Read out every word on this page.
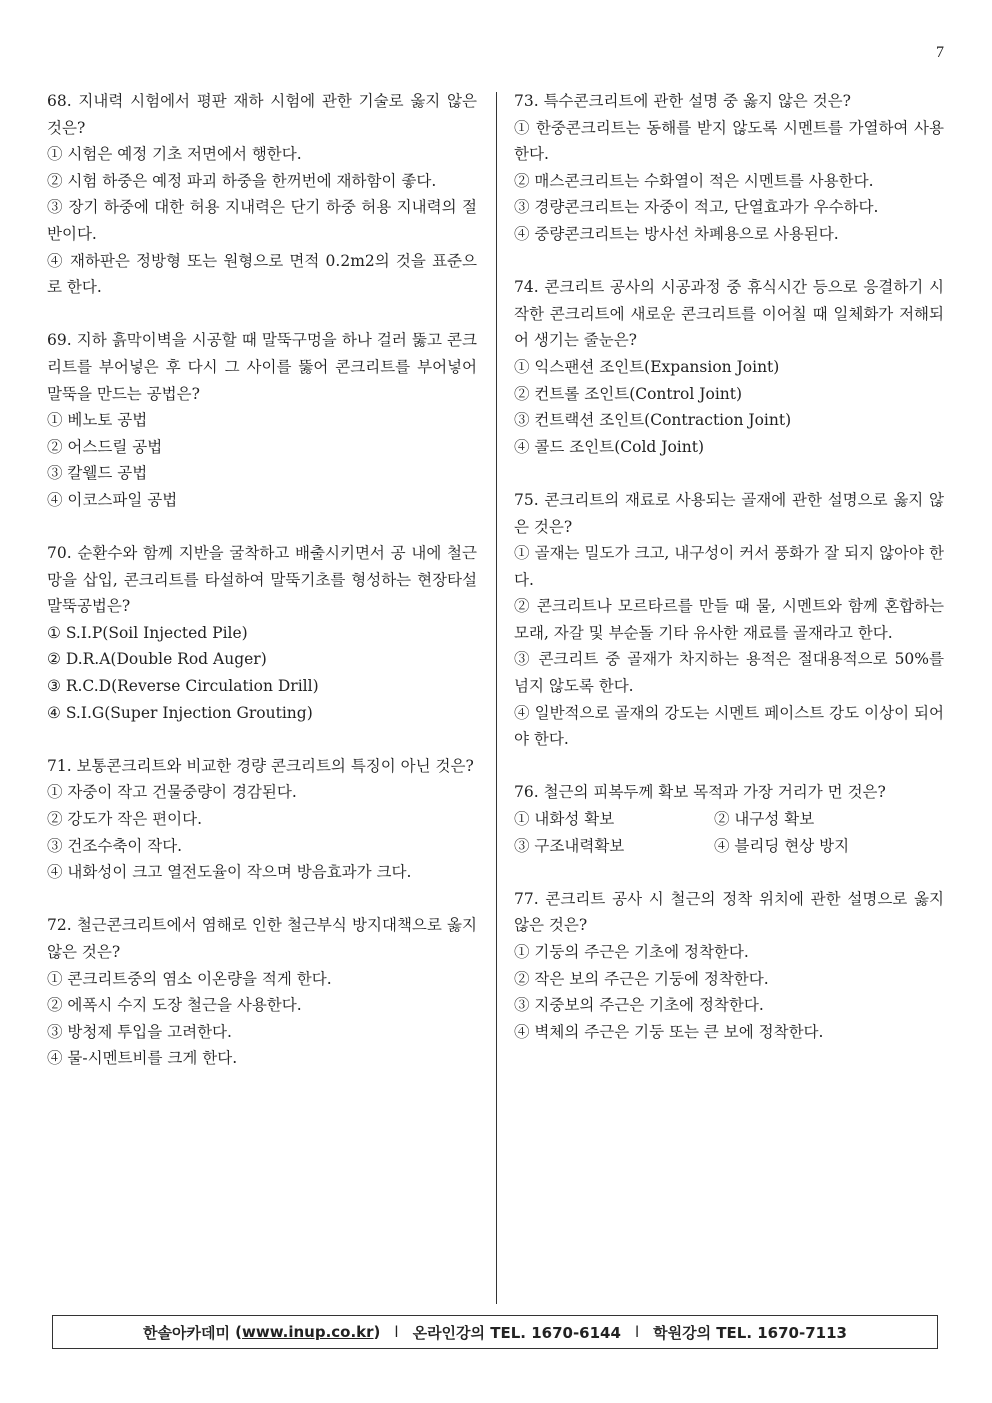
7

68. 지내력 시험에서 평판 재하 시험에 관한 기술로 옳지 않은 것은?

① 시험은 예정 기초 저면에서 행한다.

② 시험 하중은 예정 파괴 하중을 한꺼번에 재하함이 좋다.

③ 장기 하중에 대한 허용 지내력은 단기 하중 허용 지내력의 절반이다.

④ 재하판은 정방형 또는 원형으로 면적 0.2m2의 것을 표준으로 한다.

69. 지하 흙막이벽을 시공할 때 말뚝구멍을 하나 걸러 뚫고 콘크리트를 부어넣은 후 다시 그 사이를 뚫어 콘크리트를 부어넣어 말뚝을 만드는 공법은?

① 베노토 공법

② 어스드릴 공법

③ 칼웰드 공법

④ 이코스파일 공법

70. 순환수와 함께 지반을 굴착하고 배출시키면서 공 내에 철근망을 삽입, 콘크리트를 타설하여 말뚝기초를 형성하는 현장타설 말뚝공법은?

① S.I.P(Soil Injected Pile)

② D.R.A(Double Rod Auger)

③ R.C.D(Reverse Circulation Drill)

④ S.I.G(Super Injection Grouting)

71. 보통콘크리트와 비교한 경량 콘크리트의 특징이 아닌 것은?

① 자중이 작고 건물중량이 경감된다.

② 강도가 작은 편이다.

③ 건조수축이 작다.

④ 내화성이 크고 열전도율이 작으며 방음효과가 크다.

72. 철근콘크리트에서 염해로 인한 철근부식 방지대책으로 옳지 않은 것은?

① 콘크리트중의 염소 이온량을 적게 한다.

② 에폭시 수지 도장 철근을 사용한다.

③ 방청제 투입을 고려한다.

④ 물-시멘트비를 크게 한다.

73. 특수콘크리트에 관한 설명 중 옳지 않은 것은?

① 한중콘크리트는 동해를 받지 않도록 시멘트를 가열하여 사용한다.

② 매스콘크리트는 수화열이 적은 시멘트를 사용한다.

③ 경량콘크리트는 자중이 적고, 단열효과가 우수하다.

④ 중량콘크리트는 방사선 차폐용으로 사용된다.

74. 콘크리트 공사의 시공과정 중 휴식시간 등으로 응결하기 시작한 콘크리트에 새로운 콘크리트를 이어칠 때 일체화가 저해되어 생기는 줄눈은?

① 익스팬션 조인트(Expansion Joint)

② 컨트롤 조인트(Control Joint)

③ 컨트랙션 조인트(Contraction Joint)

④ 콜드 조인트(Cold Joint)

75. 콘크리트의 재료로 사용되는 골재에 관한 설명으로 옳지 않은 것은?

① 골재는 밀도가 크고, 내구성이 커서 풍화가 잘 되지 않아야 한다.

② 콘크리트나 모르타르를 만들 때 물, 시멘트와 함께 혼합하는 모래, 자갈 및 부순돌 기타 유사한 재료를 골재라고 한다.

③ 콘크리트 중 골재가 차지하는 용적은 절대용적으로 50%를 넘지 않도록 한다.

④ 일반적으로 골재의 강도는 시멘트 페이스트 강도 이상이 되어야 한다.

76. 철근의 피복두께 확보 목적과 가장 거리가 먼 것은?

① 내화성 확보	② 내구성 확보

③ 구조내력확보	④ 블리딩 현상 방지

77. 콘크리트 공사 시 철근의 정착 위치에 관한 설명으로 옳지 않은 것은?

① 기둥의 주근은 기초에 정착한다.

② 작은 보의 주근은 기둥에 정착한다.

③ 지중보의 주근은 기초에 정착한다.

④ 벽체의 주근은 기둥 또는 큰 보에 정착한다.

한솔아카데미 ( www.inup.co.kr ) l 온라인강의 TEL. 1670-6144 l 학원강의 TEL. 1670-7113
